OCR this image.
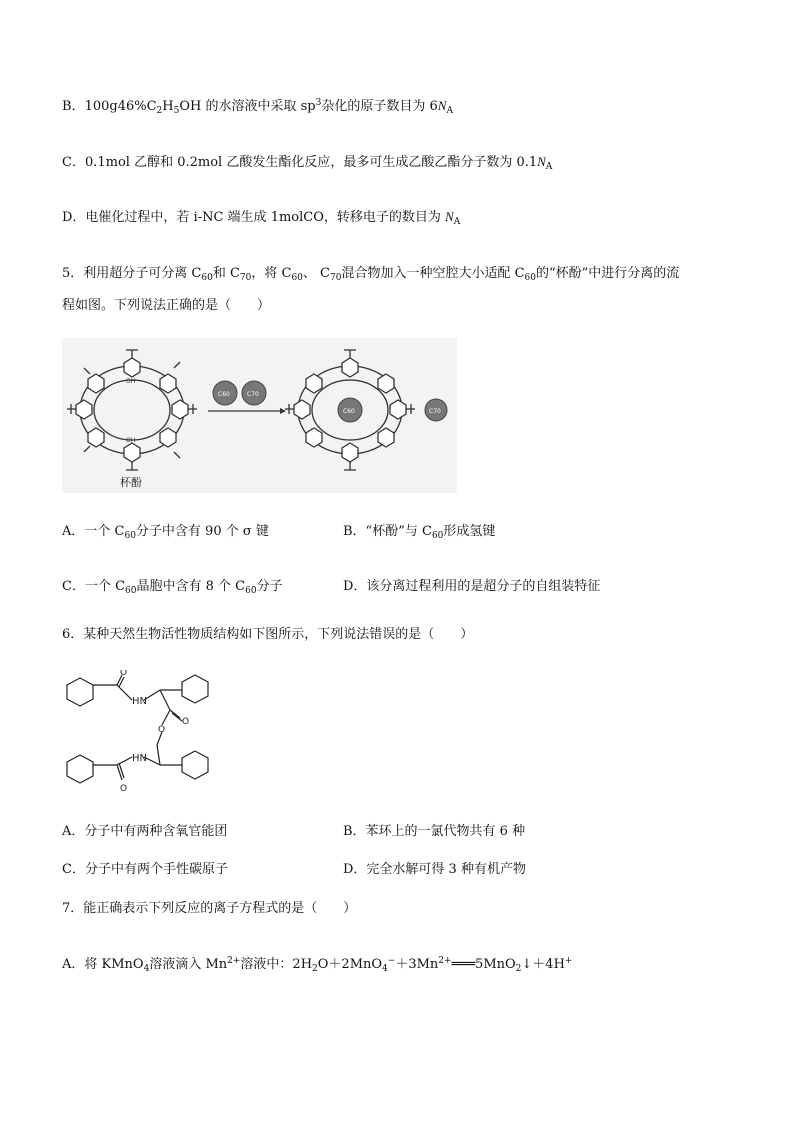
B．$100g46\%C_2H_5OH$ 的水溶液中采取 $sp^3$杂化的原子数目为 $6N_A$
C．0.1mol 乙醇和 0.2mol 乙酸发生酯化反应，最多可生成乙酸乙酯分子数为 $0.1N_A$
D．电催化过程中，若 i-NC 端生成 1molCO，转移电子的数目为 $N_A$
5．利用超分子可分离 $C_{60}$和 $C_{70}$，将 $C_{60}$、 $C_{70}$混合物加入一种空腔大小适配 $C_{60}$的“杯酚”中进行分离的流
程如图。下列说法正确的是（　　）
OH
OH
杯酚
C60	C70
C60	C70
A．一个 $C_{60}$分子中含有 90 个 σ 键	B．“杯酚”与 $C_{60}$形成氢键
C．一个 $C_{60}$晶胞中含有 8 个 $C_{60}$分子	D．该分离过程利用的是超分子的自组装特征
6．某种天然生物活性物质结构如下图所示，下列说法错误的是（　　）
HN
HN
O
O
O
O
A．分子中有两种含氧官能团	B．苯环上的一氯代物共有 6 种
C．分子中有两个手性碳原子	D．完全水解可得 3 种有机产物
7．能正确表示下列反应的离子方程式的是（　　）
A．将 KMnO$_4$溶液滴入 $Mn^{2+}$溶液中：$2H_2O+2MnO_4^-+3Mn^{2+}═══5MnO_2↓+4H^+$
